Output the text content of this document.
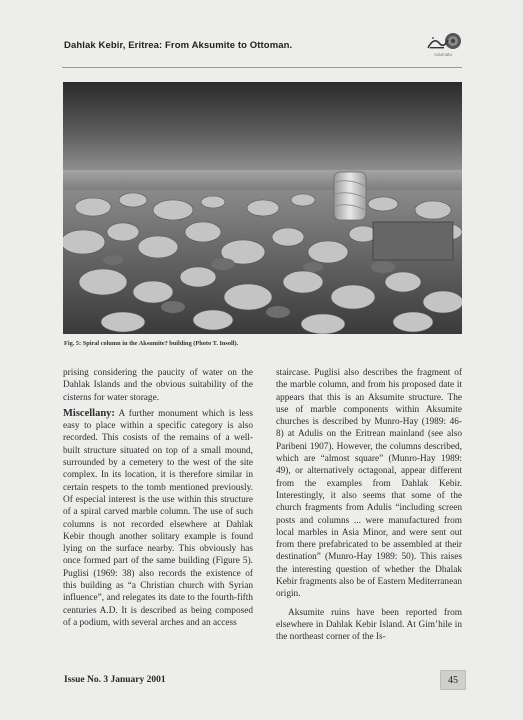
Dahlak Kebir, Eritrea: From Aksumite to Ottoman.
Adumatu
Fig. 5: Spiral column in the Aksumite? building (Photo T. Insoll).

prising considering the paucity of water on the Dahlak Islands and the obvious suitability of the cisterns for water storage.

Miscellany: A further monument which is less easy to place within a specific category is also recorded. This cosists of the remains of a well-built structure situated on top of a small mound, surrounded by a cemetery to the west of the site complex. In its location, it is therefore similar in certain respets to the tomb mentioned previously. Of especial interest is the use within this structure of a spiral carved marble column. The use of such columns is not recorded elsewhere at Dahlak Kebir though another solitary example is found lying on the surface nearby. This obviously has once formed part of the same building (Figure 5). Puglisi (1969: 38) also records the existence of this building as “a Christian church with Syrian influence”, and relegates its date to the fourth-fifth centuries A.D. It is described as being composed of a podium, with several arches and an access

staircase. Puglisi also describes the fragment of the marble column, and from his proposed date it appears that this is an Aksumite structure. The use of marble components within Aksumite churches is described by Munro-Hay (1989: 46-8) at Adulis on the Eritrean mainland (see also Paribeni 1907). However, the columns described, which are “almost square” (Munro-Hay 1989: 49), or alternatively octagonal, appear different from the examples from Dahlak Kebir. Interestingly, it also seems that some of the church fragments from Adulis “including screen posts and columns ... were manufactured from local marbles in Asia Minor, and were sent out from there prefabricated to be assembled at their destination” (Munro-Hay 1989: 50). This raises the interesting question of whether the Dhalak Kebir fragments also be of Eastern Mediterranean origin.

Aksumite ruins have been reported from elsewhere in Dahlak Kebir Island. At Gim’hile in the northeast corner of the Is-

Issue No. 3 January 2001	45
